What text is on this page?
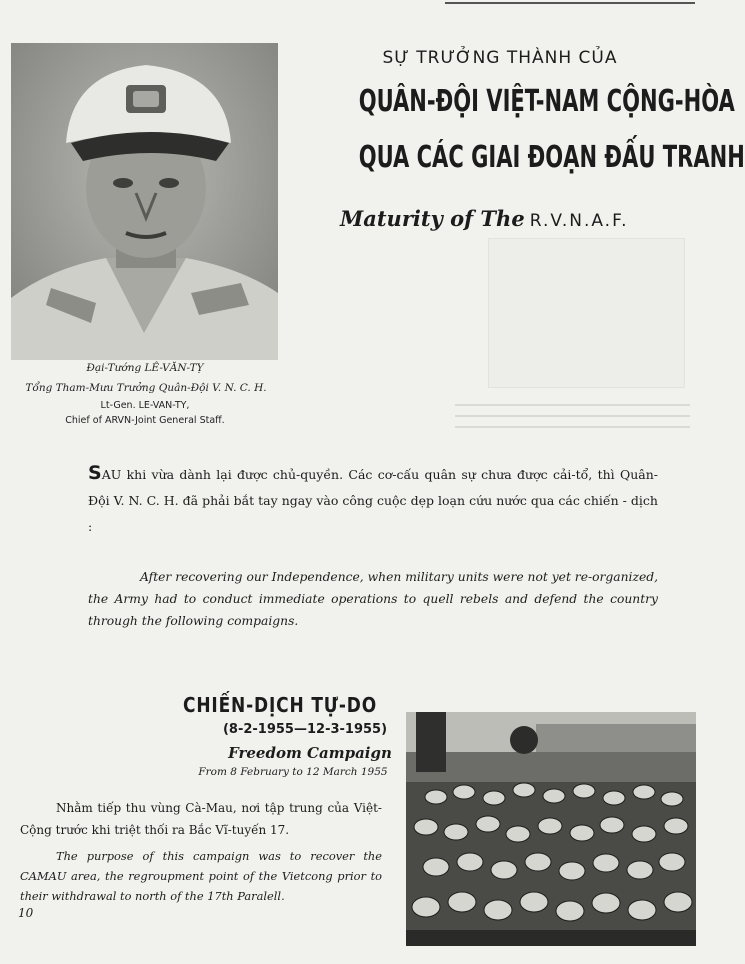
Đại-Tướng LÊ-VĂN-TỴ
Tổng Tham-Mưu Trưởng Quân-Đội V. N. C. H.
Lt-Gen. LE-VAN-TY,
Chief of ARVN-Joint General Staff.
SỰ TRƯỞNG THÀNH CỦA
QUÂN-ĐỘI VIỆT-NAM CỘNG-HÒA
QUA CÁC GIAI ĐOẠN ĐẤU TRANH
Maturity of The R.V.N.A.F.
SAU khi vừa dành lại được chủ-quyền. Các cơ-cấu quân sự chưa được cải-tổ, thì Quân-Đội V. N. C. H. đã phải bắt tay ngay vào công cuộc dẹp loạn cứu nước qua các chiến - dịch :
After recovering our Independence, when military units were not yet re-organized, the Army had to conduct immediate operations to quell rebels and defend the country through the following compaigns.
CHIẾN-DỊCH TỰ-DO
(8-2-1955—12-3-1955)
Freedom Campaign
From 8 February to 12 March 1955
Nhằm tiếp thu vùng Cà-Mau, nơi tập trung của Việt-Cộng trước khi triệt thối ra Bắc Vĩ-tuyến 17.
The purpose of this campaign was to recover the CAMAU area, the regroupment point of the Vietcong prior to their withdrawal to north of the 17th Paralell.
10
